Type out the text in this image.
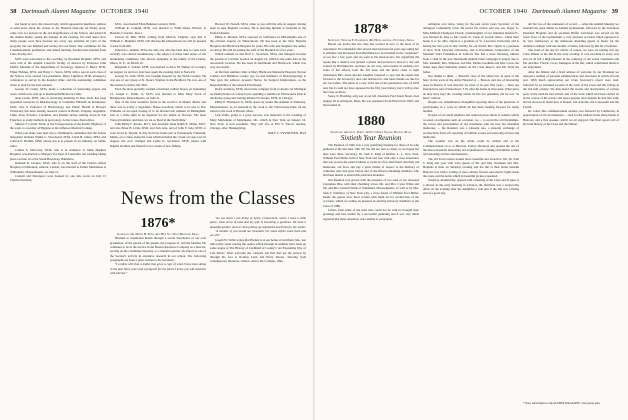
38 Dartmouth Alumni Magazine OCTOBER 1940

sist found at once, the closest body, which appeared in members, address to send news about the classes to the Hospital fund-one on Friday noon; came over for lectures in the old magnificence of the School, and joined in the alumni dinner, seeing the banquet in the evening. We don't know how many people were here because not every one attended all parts of the program, but one hundred and twenty-two are listed. Our committee for the Commencement, graduation, and annual meeting, Twenty men attended from Class Twenty-Six.

M.H. were welcomed to the coaching, by President Hopkins. M'95, and were told of the Alumni Council's facility of director by Professor John Moffat Mecklin of the Department of Sociology. Spencer F. Baird, M'30, Elmer Holmes, M'32, and Harry C. Storrs, M'30, with a seat in each class of the School, were elected vice-presidents. Harry Lightfoot, M'36, arranged a conference to survey in the hospital clinic, and the nominating committee chose to plan for the next reunion.

George W. Cutler, M'32, made a collection of interesting papers and cases, which were sent up to Dartmouth-Hitchcock Clinic.

Alan Leslie, M'95, who is practicing medicine in New York, has been appointed instructor in Pharmacology at Columbia. Hildreth de Poindexter, M'42, who is Professor of Bacteriology and Public Health at Howard University, has been visiting research centers in Brazil, Uruguay, Argentina, Chile, Peru, Ecuador, Colombia, and Panama before settling down in San Francisco to study methods in proctology. At her Jones, Puerto Rico.

Simeon T. Carroll, M'34, of the Transportation of the Pacific Highway of the work, is a teacher of Hygiene at the Jefferson Medical College.

When you make your next trip to Washington, remember that the Senate delegation includes Wilder C. Woodward, M'94, Clyde H. James, M'93, and Carlton E. Hollins, M'90, whose son is at present in an authority on Salmo trutta.

Collins S. MacCarty, M'46, who is in residence at Johns Hopkins Hospital, was married to Margery Tye Deal of Louisville, the wedding taking place on June 10 at the South Broadway, Baltimore.

Kenneth R. Jacques, M'45, who is on the staff of the Charles Alfred Hospital at Edmonton, Alberta, Canada, was married to Esther Mackinnon at Wilbraham, Massachusetts, on June 15.

Connell and Davenport were booked by one who starts on July 15 Charles Newberg

M'41, was married Ellen Belknap Leonard, M'41.

William R. Conklin, M'30, was married to Willis Riska Walcott, at Boulder, Colorado, June 1.

Forrest W. Bell, M'28, writing from Morton, Virginia, says that if William C. Maulden, M'38, will disclose his whereabouts, he will be pleased to hear from him.

Edward G. Jenkins, M'34, the only one who has been able to come back recently, was elected unanimously a the subject of many kind letters of the nominating committee. Our sincere sympathy to the family of his brother, Ithaca, N. Y., on March 10.

Benjamin C. Sander, M'38, was married to Alice M. Walker of Coventry on August 14, and two days later spent the evening, held at Norwich.

George W. Zahl, M'39, was brought hospital by the North Country. He was one of our group at St. Rose's Virginia in the Bradford. He was one of the earliest to follow Mr. Hall.

Even the most probably wedded a husband, Gilbert Keyes on September 15, Joseph C. Plank, Jr., M'35, was married to Miss Mary Swett of Bridgewater, Massachusetts, on June 21.

One of the most beautiful fjords in the world is in Maine. Basin, and there was in Colby a Sagadahoc House Goodwin, which to be one to Port Williams on an equal footing of to be married last summer in Bellingham. Just as a bride light as he departed for the Island of Norway. The most Viewed tradition, and there we sat as 'Deaf in the North Ride.'

John Philip F. Rooke, M'17, and Assistant Dean Ralph E. Miller, M'27, and also Erner B. Little, M'40, and Jack Gile, and of John F. Gile, M'28, to even loved in 'Dream' in July from her home just at Portsmouth, Falmouth, Maine, on a cruise along the coast which included the circuit of Cape Cod. In August, the crew changed and Leslie K. Sycamore, M'28, joined with Ralph's brothers and friend for two weeks of new fishing.

Howard W. Newell, M'24, came to you with his wife in August, having been in sane England vacation. He is devoting himself to hospitals in the United Ukraine.

Philip A. Marden, M'34, reported in confidence in Philadelphia one of the obvious experts on Tuberculosis. He has been at the New England Hospital and Hitchcock Hospital for years. His wife and daughter, the author of eleven. He will be joining the staff of the Hospital in a few years.

Which reminds us that Rolf C. Syvertsen, M'24, and Margaret became the parents of Caroline Gordon on August 19, which is the same date as the one-month vacation. He has been in Dartmouth and Hitchcock, which was very successful.

At the final summer clinic at Mary Hitchcock Memorial Hospital, Norton Carlisle and Hamilton County ago we had members of Otolaryngology at Yale gave the address: Acoustic Nerve: Its Surgical Implications, as the Responsibility of the General Practitioner.

Rolf Larremore, M'39, moved the company from Colorado via Michigan on Pennsylvania on a motorcycle spending a summer in Yellowstone Park in the Rocky group and visiting Richard W. Rooks, M'39, in Chicago.

Philip P. Thompson Jr., M'39, spent six weeks this summer at Wellesley, Massachusetts; as an assistant in the work to the Yellowstone Park; on his return to the work at Boston, Mass.

Jack Tobin, going to a great success, was induction to the wedding of Mary Maclennan of Manchester, Oh., which in New York on January 16. New York, is now president. They will live at 833 S. Yarrow Avenue, Chicago, after Thanksgiving.

ROLF C. SYVERTSEN, M'24

News from the Classes

1876*

Secretary, Dr. Henry H. Piper, 411 High St., West Medford, Mass.

Heathen to mentioned herein through a recent Newsletter of our own graduation, of the glacial of his garden, the progress of, and the familiar. He continues to be in the service in the Boston Insurance Company as a director, serving on the committee Saturday, or a standard quarter. Dr. Piper's is one of the Society's activity in extensive research in our school. The following paragraphs are from a letter written to the Secretary:

"I confess with that a leaflet that gives a copy of what I have been doing in the past three years and a program for the future I know you will read this with interest."

"As you know I am living at Lyme, Connecticut, where I have a little place, some acres of land and my wife is becoming a gardener. We have a beautiful garden, and we raise putting up vegetables and fruits for the winter.

"A number of you would not remember her name before some them and we will"

Joseph W. Willis writes that Barnett is at our home at Litchfield, Me., last time partly spent touring the region which through in summer have been up some stages of The History of Litchfield of County's 'An Expanding Way of Life Prints'. Then welcome the counsels Ale that had led the person by through the foot at Rodney Lynn and Harry Davies. Tutoring from contemporary literature, Gibson. Arrive the Colleges, Ohio.

OCTOBER 1940 Dartmouth Alumni Magazine 39

1878*

Secretary, William E. Parkinson, 491 Highland Ave., Fitchburg, Mass.

Bessel our notice that the class has worked in ever to the most of its experience. It's remarkable that several men between ten years ago taking her is Albemar and Reverend Fred Hutchinson to be included in the "sweetener" of our few a few years and we went to his sister-in-law. We regretfully the repute that a relative was pleased a phone and proceed to here in a day and wanted by Hutchinson's, and here on our way, and recently in looking over some of her effects, both the fall issue and the photo came to light whereupon Mrs. Jones and her daughter prepared a copy and the repute that forward to the Secretary's door and delivered it. Our heart thanks are due for our two ladies. The photo is a very vivid one of the graduation class of 1878 and, but it could not have appeared in the fifty year history, but it will go into the Class archives.

Sence N. Horaling, only son of our left classmate Fred Stuart Stuart, died August 29 in Arlington, Mass. He was graduated from Harvard in 1903, and had resided in

1880

Secretary, Arthur L. Perry, 10 Post Office Square, Boston, Mass.

Sixtieth Year Reunion

The Reunion of 1940 was a very gratifying meeting for those of us who gathered at the Inn June 15th '40. We did not turn so many as we hoped but nine were there. Secretary, Dr. Sam T. King of Belfast, L. L. New York, William Ferd Miller both of New York and four with only a class attendance that was as near the usual tradition to recall in a few brief hours that their old memories, old faces and pay a prize tribute of respect to the memory of comrades who had gone before and to the fifteen remaining members who had been unable to attend this particular Reunion.

Our Reunion was graced with the presence of two sons of our deceased Classmate Pike, with their charming wives, Mr. and Mrs. Cyrus Wilde and Mr. and Mrs. Donald Wilde of Wakefield, Massachusetts, as well as by Mrs. Sam T. Schelleve of New York City, a close friend of William Ford Miller. Inside the guests were most cordial with them all for recollection of the occasion, which we realize an pleasure in electing honorary members of the Class of 1880.

Letters from some of the men who could not be with us brought their greetings and best wishes for a successful gathering and it was very much regretted that these absentees were unable to participate.

Arlington ever since, being for the past seven years Secretary of the Arlington Community Club. He leaves his widow and one son, Roger S., Miss Mildred Thompson Farrell, granddaughter of our lamented Reuben E., was married in June to Mr. Curtis W. Clark of Lowell, Mass., where their home is to be. Mrs. Ogren is a graduate of St. Lawrence University and is having her new post in that vicinity for our friend, Mrs. Ogren is a graduate of New York Syracuse University, and is Investment Comptroller of the Marshall Field Foundation in Sanford. She had a most flattering address from a chair in the new Dartmouth Alumni Fund campaign is largely due to Mrs. Kenneth; Mrs. Simpson, and Mrs. Emma Goodman and Mrs. Cross, the ladies kept their husbands' names on the Class Report, and Mr. Field his father.

Our thanks to them. ... Bessun's view of the entire trip, in spite of the heat; in the work of the Army Hospital at ... Boston, and lots of interesting news in Boston. It was observer for most of its past fifty years. ... Dear our friends have just at Watertown; 3 Pr. after his home in Worcester. What gives us may have kept the crossing winter he has not remained, but he was "in heart" with us.

Despite our remembrance thoughtful reporting three of the pleasures of participating in a cross in which all had been looking forward for many months.

In spite of our small numbers and reduced power much of sadness which as usual accompanies such an occasion, we ... to avoid the old friendships, the voices and personalities of old classmates who are now but cherished memories, ... the Reunion was a pleasant one, a pleasant exchange of recollections from old, rejoicing of familiar scenes and renewing old ties and memories.

The weather was on the whole could be wished and at the Commencement on or at Hanover. Friday afternoon and opened the one of the most pleasantly interesting old acquaintances, visiting old familiar scenes and renewing old ties and memories.

The old Town scenes looked more beautiful and attractive. We, Dr. Sam T. King and your wife were guests of Mr. and Mrs. President and Mrs. Hopkins at their on Saturday evening and the Inn at their home beneath Hanover tree with a writing of trees, shrubs, flowers and electric lights made the scene and the home which in beautiful picture presented.

Saturday, Alumni Day, opened with a meeting of the Class and in spite of a shower in the early morning in advance, the luncheon was a noteworthy affair. In the evening after the delightful a ride and at the Inn was a fitting end of a good day.

All but two of the reunioners of record, ... After the Alumni Meeting we attended the great dinner in Alumni Gymnasium, followed by the Luncheon President Hopkins and an excellent Buffet Luncheon was served on the lower floor of the Gymnasium, a very pleasant occasion which appeared to be very satisfactory to the numerous attending guests of honor for the Alumni to mingle with one another at tables, followed by this bit of reunion.

The event of the day for which, of course, we were all waiting was our Class Dinner at the Inn in the early evening. It was excellent in every way and we all felt a high pleasure in the company of our seven classmates and Mr. and Mrs. Fred R. Cross, Managers of the Inn, which contributed much to our enjoyment.

After the Dinner and a brief address of welcome by our President we enjoyed a reading of personal reminiscences and anecdotes in which all took part. With much appreciation our Class Secretary's report were read, followed by an extended account of the work of the Class and the college in the last half century. We then heard the stories and descriptions of various parts of the earth he had visited, and of the work which had been carried on in the course of his travels and queer peoples and customs he had met with; and he showed in detail how at Rouen, and at Rome, the Colosseum and the Forum.

Dr. Jones' fine commencement address was followed by Lamberton, in appreciation of all our memories ... such for his address in the Deep Dome at Hanover, and a fine speaker, which we all enjoyed. Our final report told of his brief history of the Class and the Dinner.

* Note, subscription to the ALUMNI MAGAZINE, class group plan.
